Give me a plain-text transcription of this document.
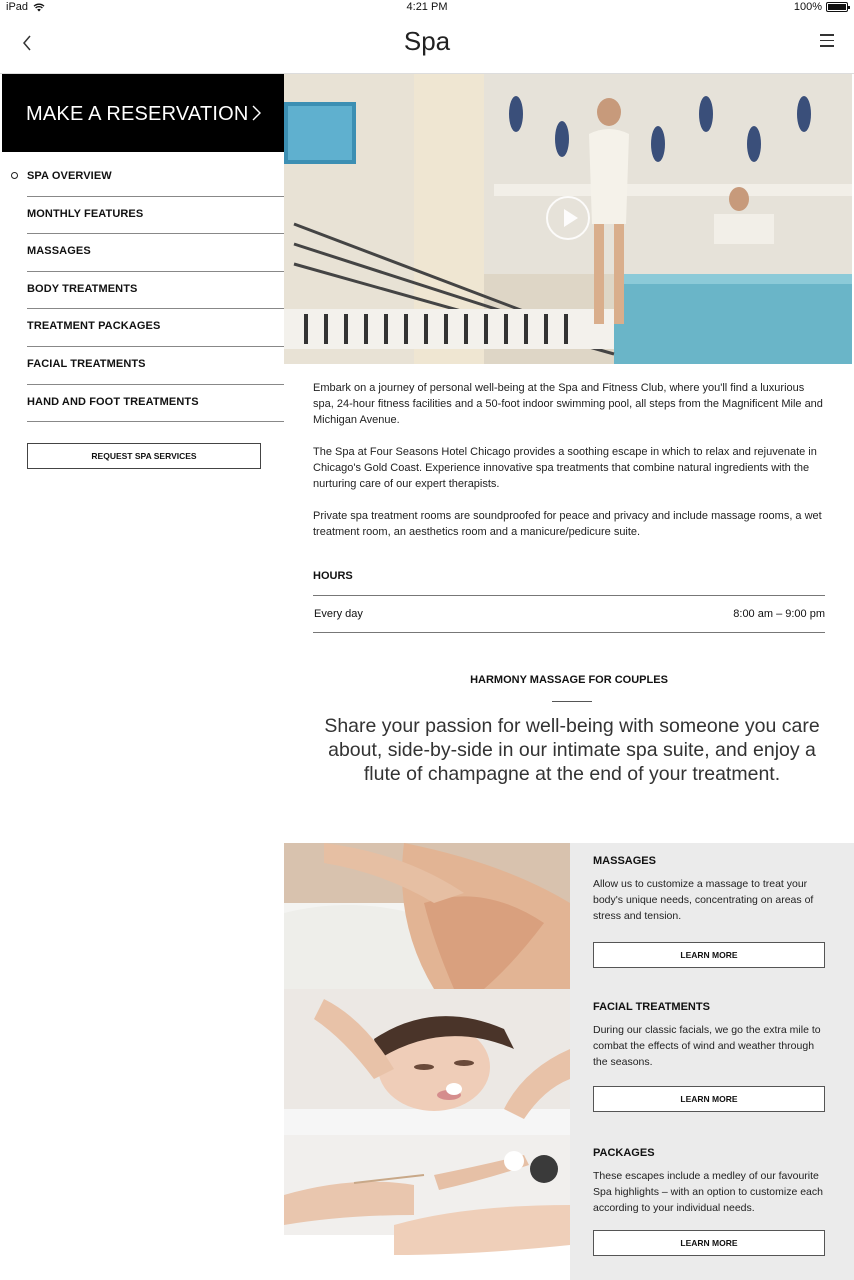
iPad	4:21 PM	100%
Spa
MAKE A RESERVATION
SPA OVERVIEW
MONTHLY FEATURES
MASSAGES
BODY TREATMENTS
TREATMENT PACKAGES
FACIAL TREATMENTS
HAND AND FOOT TREATMENTS
REQUEST SPA SERVICES

Embark on a journey of personal well-being at the Spa and Fitness Club, where you'll find a luxurious spa, 24-hour fitness facilities and a 50-foot indoor swimming pool, all steps from the Magnificent Mile and Michigan Avenue.

The Spa at Four Seasons Hotel Chicago provides a soothing escape in which to relax and rejuvenate in Chicago's Gold Coast. Experience innovative spa treatments that combine natural ingredients with the nurturing care of our expert therapists.

Private spa treatment rooms are soundproofed for peace and privacy and include massage rooms, a wet treatment room, an aesthetics room and a manicure/pedicure suite.

HOURS
Every day	8:00 am – 9:00 pm
HARMONY MASSAGE FOR COUPLES
Share your passion for well-being with someone you care about, side-by-side in our intimate spa suite, and enjoy a flute of champagne at the end of your treatment.
MASSAGES
Allow us to customize a massage to treat your body's unique needs, concentrating on areas of stress and tension.
LEARN MORE
FACIAL TREATMENTS
During our classic facials, we go the extra mile to combat the effects of wind and weather through the seasons.
LEARN MORE
PACKAGES
These escapes include a medley of our favourite Spa highlights – with an option to customize each according to your individual needs.
LEARN MORE
